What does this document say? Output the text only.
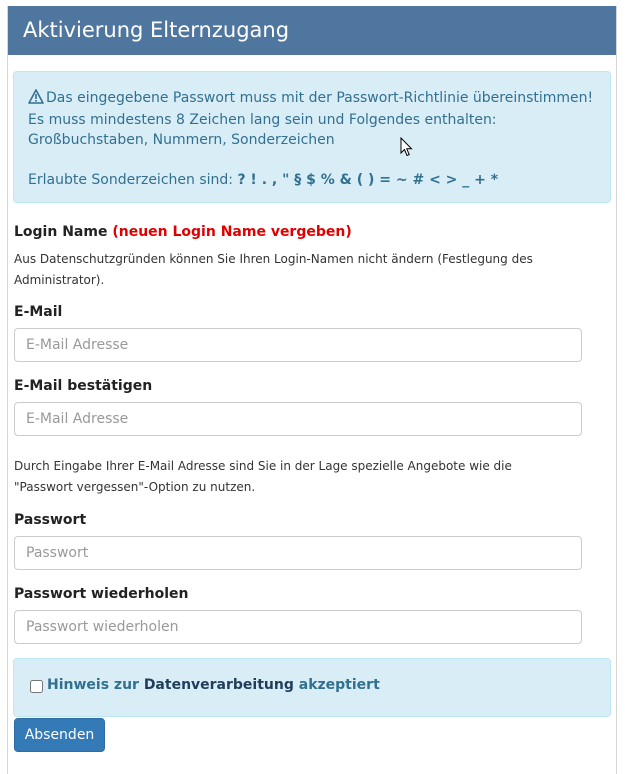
Aktivierung Elternzugang
Das eingegebene Passwort muss mit der Passwort-Richtlinie übereinstimmen!
Es muss mindestens 8 Zeichen lang sein und Folgendes enthalten:
Großbuchstaben, Nummern, Sonderzeichen
Erlaubte Sonderzeichen sind: ? ! . , " § $ % & ( ) = ~ # < > _ + *
Login Name (neuen Login Name vergeben)
Aus Datenschutzgründen können Sie Ihren Login-Namen nicht ändern (Festlegung des Administrator).
E-Mail
E-Mail Adresse
E-Mail bestätigen
E-Mail Adresse
Durch Eingabe Ihrer E-Mail Adresse sind Sie in der Lage spezielle Angebote wie die "Passwort vergessen"-Option zu nutzen.
Passwort
Passwort wiederholen
Hinweis zur Datenverarbeitung akzeptiert
Absenden
